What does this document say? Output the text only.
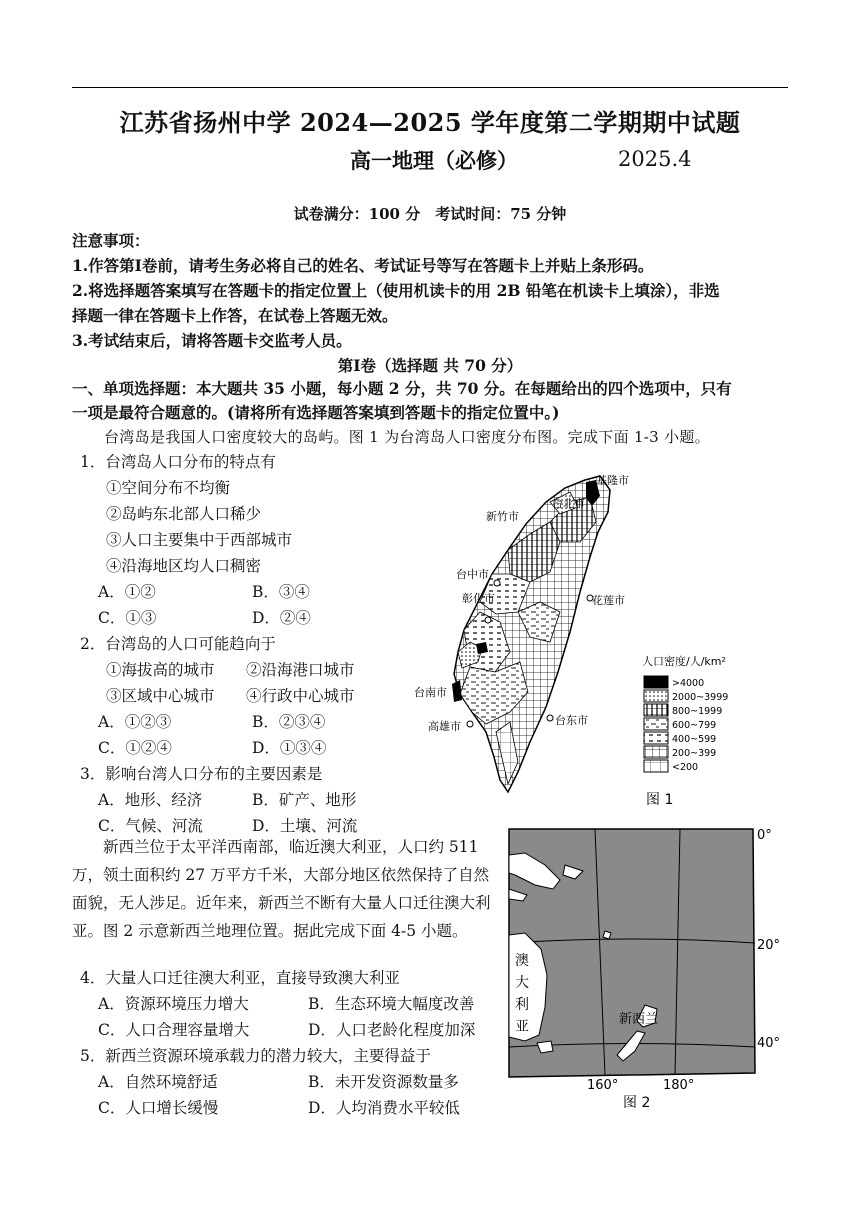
江苏省扬州中学 2024—2025 学年度第二学期期中试题
高一地理（必修）	2025.4
试卷满分：100 分　考试时间：75 分钟
注意事项：
1.作答第Ⅰ卷前，请考生务必将自己的姓名、考试证号等写在答题卡上并贴上条形码。
2.将选择题答案填写在答题卡的指定位置上（使用机读卡的用 2B 铅笔在机读卡上填涂），非选
择题一律在答题卡上作答，在试卷上答题无效。
3.考试结束后，请将答题卡交监考人员。
第Ⅰ卷（选择题 共 70 分）
一、单项选择题：本大题共 35 小题，每小题 2 分，共 70 分。在每题给出的四个选项中，只有
一项是最符合题意的。(请将所有选择题答案填到答题卡的指定位置中。)
台湾岛是我国人口密度较大的岛屿。图 1 为台湾岛人口密度分布图。完成下面 1-3 小题。
1．台湾岛人口分布的特点有
①空间分布不均衡
②岛屿东北部人口稀少
③人口主要集中于西部城市
④沿海地区均人口稠密
A．①②	B．③④
C．①③	D．②④
2．台湾岛的人口可能趋向于
①海拔高的城市 ②沿海港口城市
③区域中心城市 ④行政中心城市
A．①②③	B．②③④
C．①②④	D．①③④
3．影响台湾人口分布的主要因素是
A．地形、经济	B．矿产、地形
C．气候、河流	D．土壤、河流
新西兰位于太平洋西南部，临近澳大利亚，人口约 511 万，领土面积约 27 万平方千米，大部分地区依然保持了自然面貌，无人涉足。近年来，新西兰不断有大量人口迁往澳大利亚。图 2 示意新西兰地理位置。据此完成下面 4-5 小题。
4．大量人口迁往澳大利亚，直接导致澳大利亚
A．资源环境压力增大	B．生态环境大幅度改善
C．人口合理容量增大	D．人口老龄化程度加深
5．新西兰资源环境承载力的潜力较大，主要得益于
A．自然环境舒适	B．未开发资源数量多
C．人口增长缓慢	D．人均消费水平较低
基隆市
台北市
新竹市
台中市
彰化市	花莲市
台南市
高雄市	台东市
人口密度/人/km²
>4000
2000~3999
800~1999
600~799
400~599
200~399
<200
图 1
0°
20°
40°
160°	180°
澳
大
利
亚	新西兰
图 2
